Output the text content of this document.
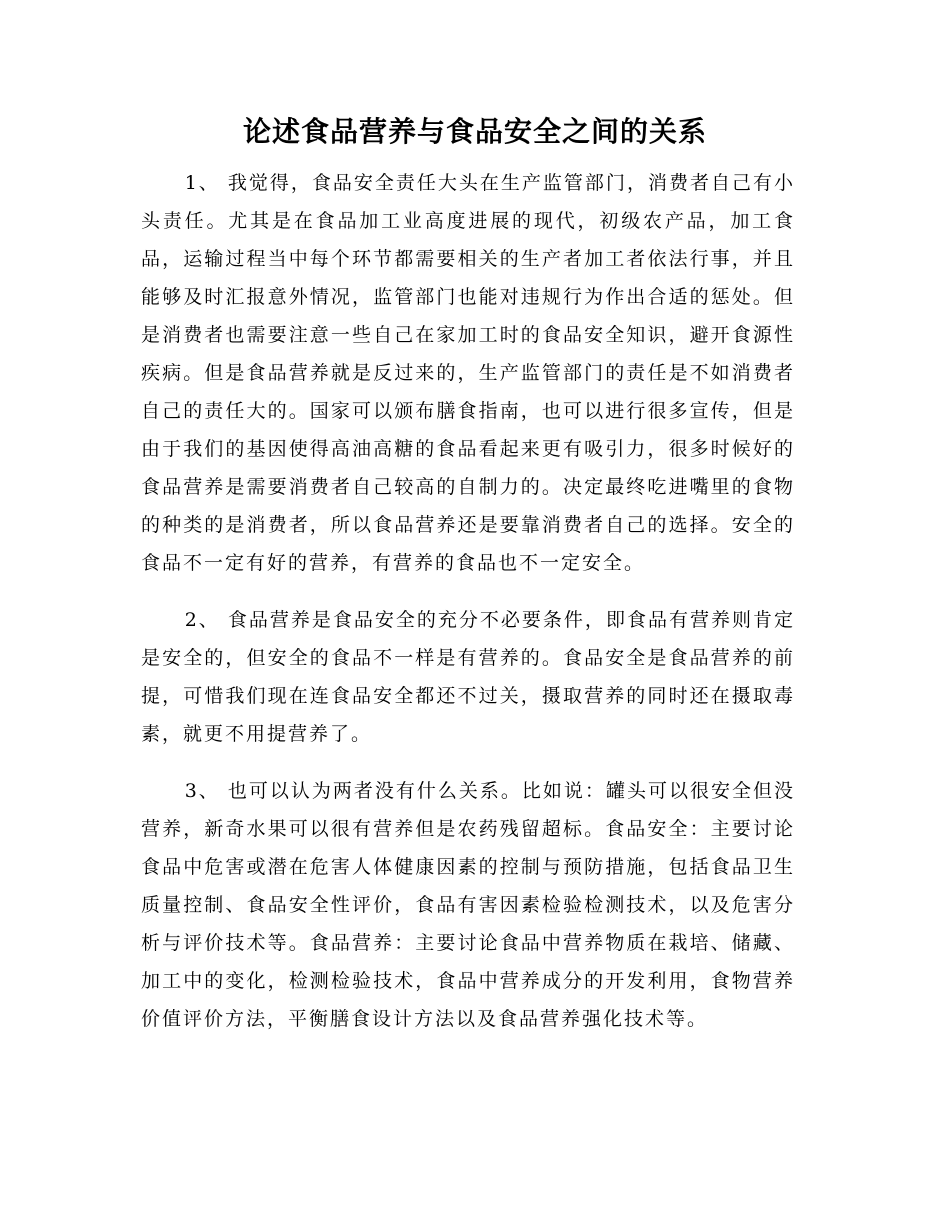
论述食品营养与食品安全之间的关系

1、 我觉得，食品安全责任大头在生产监管部门，消费者自己有小头责任。尤其是在食品加工业高度进展的现代，初级农产品，加工食品，运输过程当中每个环节都需要相关的生产者加工者依法行事，并且能够及时汇报意外情况，监管部门也能对违规行为作出合适的惩处。但是消费者也需要注意一些自己在家加工时的食品安全知识，避开食源性疾病。但是食品营养就是反过来的，生产监管部门的责任是不如消费者自己的责任大的。国家可以颁布膳食指南，也可以进行很多宣传，但是由于我们的基因使得高油高糖的食品看起来更有吸引力，很多时候好的食品营养是需要消费者自己较高的自制力的。决定最终吃进嘴里的食物的种类的是消费者，所以食品营养还是要靠消费者自己的选择。安全的食品不一定有好的营养，有营养的食品也不一定安全。

2、 食品营养是食品安全的充分不必要条件，即食品有营养则肯定是安全的，但安全的食品不一样是有营养的。食品安全是食品营养的前提，可惜我们现在连食品安全都还不过关，摄取营养的同时还在摄取毒素，就更不用提营养了。

3、 也可以认为两者没有什么关系。比如说：罐头可以很安全但没营养，新奇水果可以很有营养但是农药残留超标。食品安全：主要讨论食品中危害或潜在危害人体健康因素的控制与预防措施，包括食品卫生质量控制、食品安全性评价，食品有害因素检验检测技术，以及危害分析与评价技术等。食品营养：主要讨论食品中营养物质在栽培、储藏、加工中的变化，检测检验技术，食品中营养成分的开发利用，食物营养价值评价方法，平衡膳食设计方法以及食品营养强化技术等。
